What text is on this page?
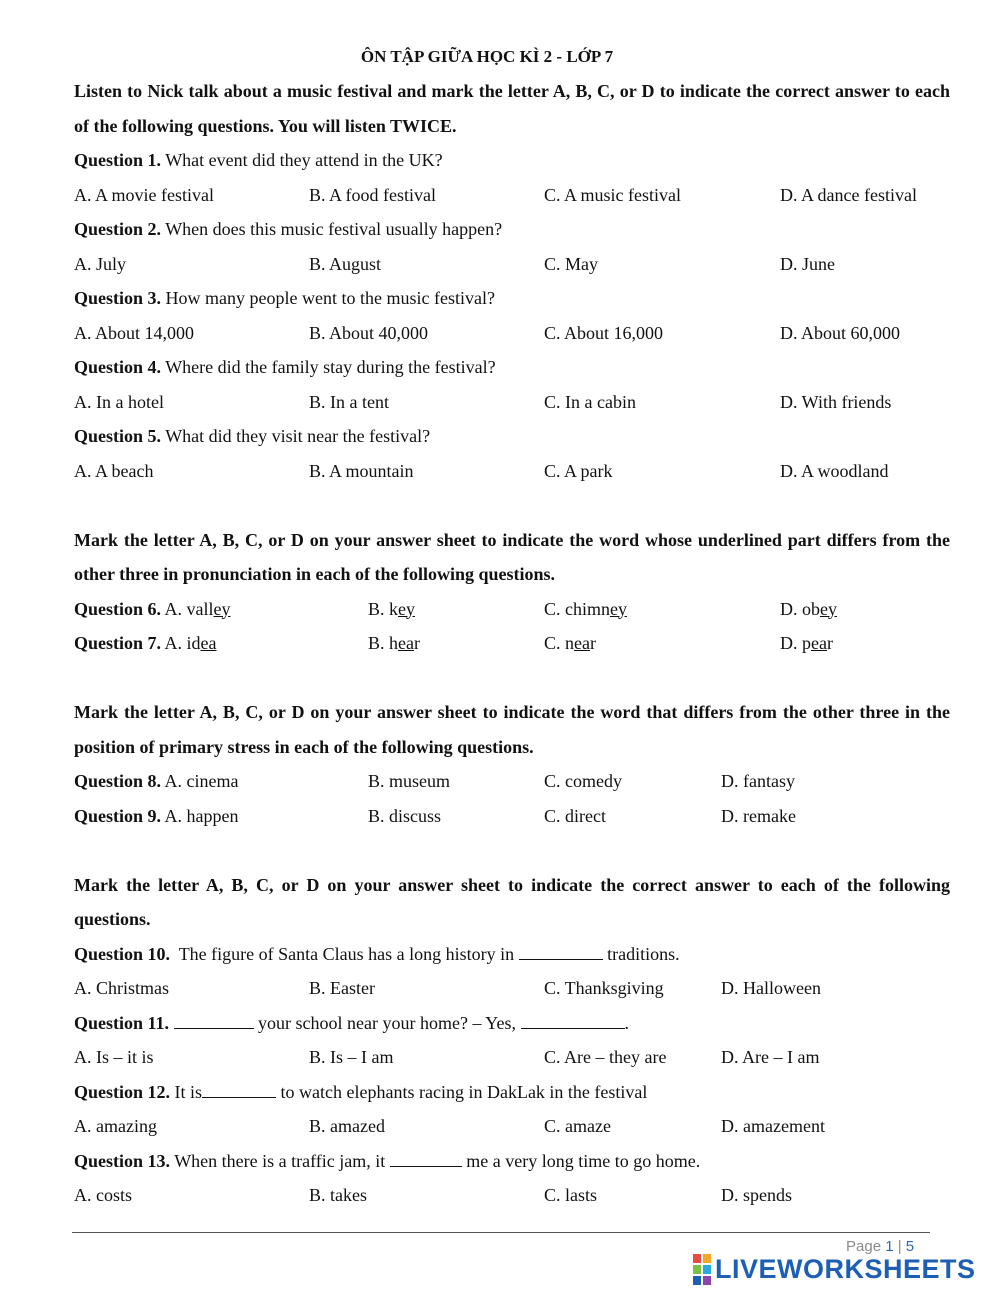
ÔN TẬP GIỮA HỌC KÌ 2 - LỚP 7
Listen to Nick talk about a music festival and mark the letter A, B, C, or D to indicate the correct answer to each of the following questions. You will listen TWICE.
Question 1. What event did they attend in the UK?
A. A movie festival	B. A food festival	C. A music festival	D. A dance festival
Question 2. When does this music festival usually happen?
A. July	B. August	C. May	D. June
Question 3. How many people went to the music festival?
A. About 14,000	B. About 40,000	C. About 16,000	D. About 60,000
Question 4. Where did the family stay during the festival?
A. In a hotel	B. In a tent	C. In a cabin	D. With friends
Question 5. What did they visit near the festival?
A. A beach	B. A mountain	C. A park	D. A woodland
Mark the letter A, B, C, or D on your answer sheet to indicate the word whose underlined part differs from the other three in pronunciation in each of the following questions.
Question 6. A. valley	B. key	C. chimney	D. obey
Question 7. A. idea	B. hear	C. near	D. pear
Mark the letter A, B, C, or D on your answer sheet to indicate the word that differs from the other three in the position of primary stress in each of the following questions.
Question 8. A. cinema	B. museum	C. comedy	D. fantasy
Question 9. A. happen	B. discuss	C. direct	D. remake
Mark the letter A, B, C, or D on your answer sheet to indicate the correct answer to each of the following questions.
Question 10.  The figure of Santa Claus has a long history in	traditions.
A. Christmas	B. Easter	C. Thanksgiving	D. Halloween
Question 11.	your school near your home? – Yes,	.
A. Is – it is	B. Is – I am	C. Are – they are	D. Are – I am
Question 12. It is	to watch elephants racing in DakLak in the festival
A. amazing	B. amazed	C. amaze	D. amazement
Question 13. When there is a traffic jam, it	me a very long time to go home.
A. costs	B. takes	C. lasts	D. spends
Page 1 | 5
LIVEWORKSHEETS
